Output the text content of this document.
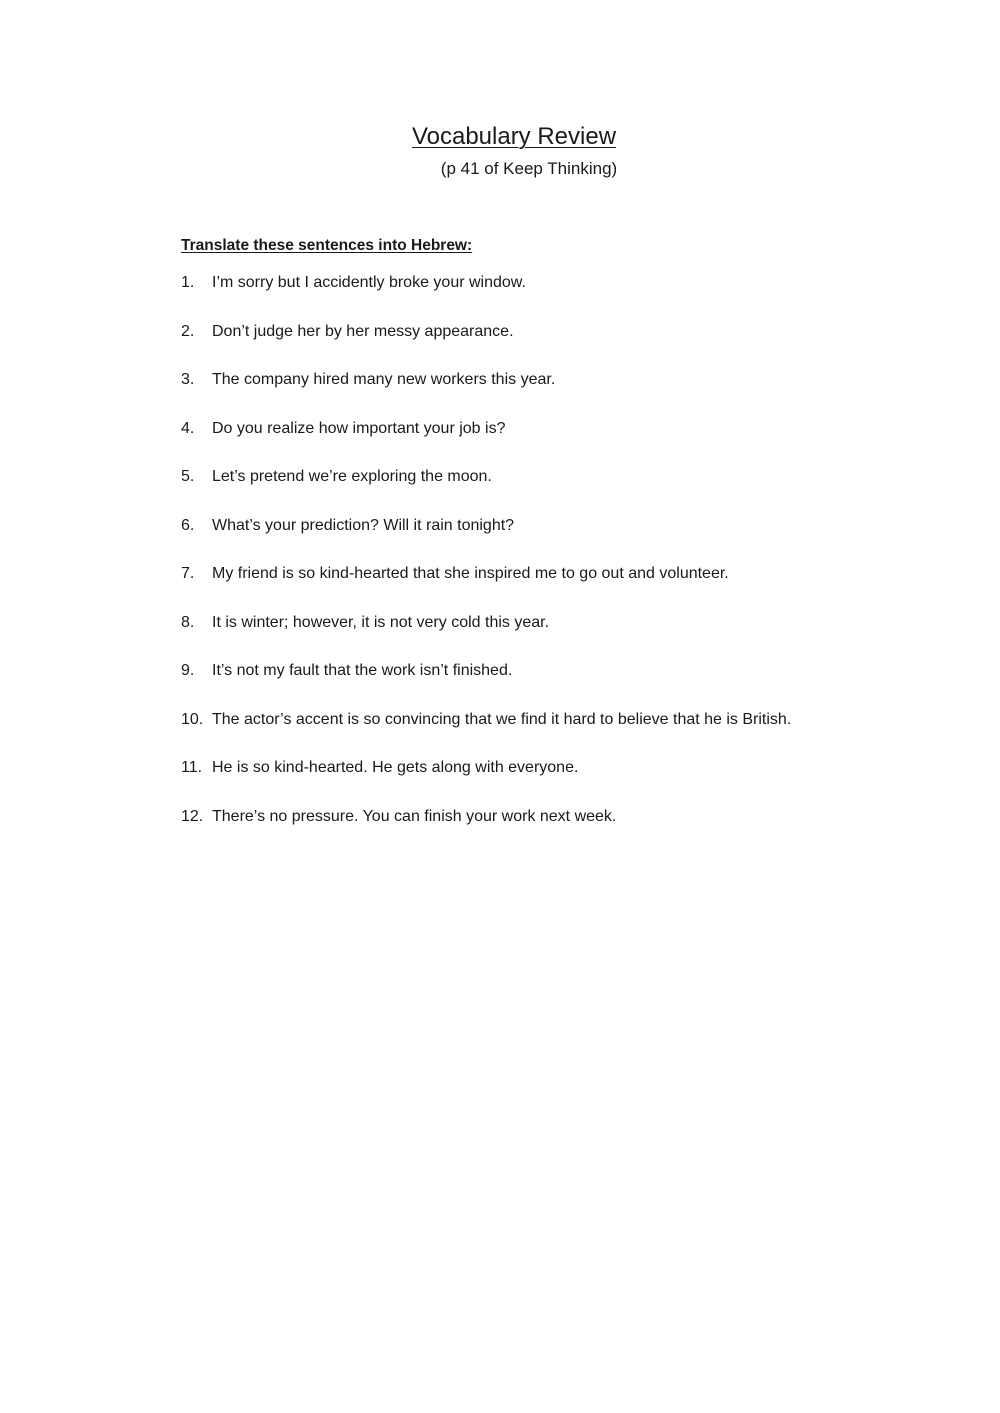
Vocabulary Review
(p 41 of Keep Thinking)
Translate these sentences into Hebrew:
1. I’m sorry but I accidently broke your window.
2. Don’t judge her by her messy appearance.
3. The company hired many new workers this year.
4. Do you realize how important your job is?
5. Let’s pretend we’re exploring the moon.
6. What’s your prediction? Will it rain tonight?
7. My friend is so kind-hearted that she inspired me to go out and volunteer.
8. It is winter; however, it is not very cold this year.
9. It’s not my fault that the work isn’t finished.
10. The actor’s accent is so convincing that we find it hard to believe that he is British.
11. He is so kind-hearted. He gets along with everyone.
12. There’s no pressure. You can finish your work next week.
